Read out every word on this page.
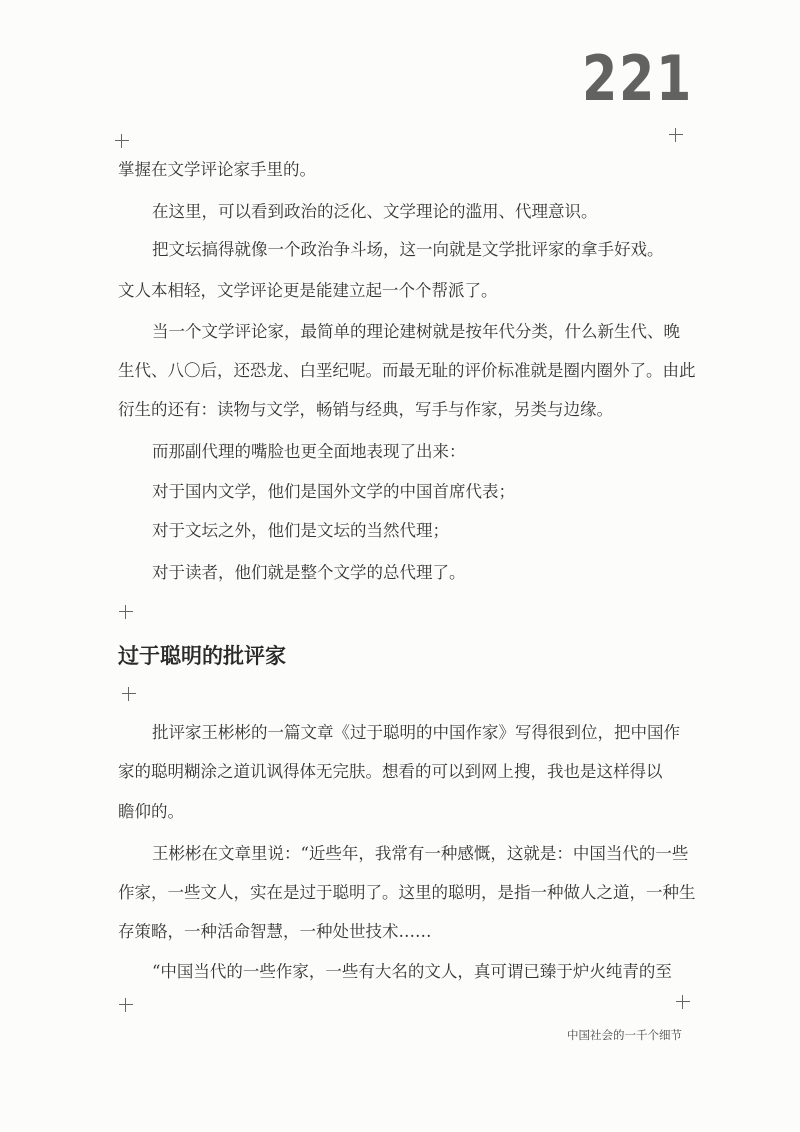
221
掌握在文学评论家手里的。
在这里，可以看到政治的泛化、文学理论的滥用、代理意识。
把文坛搞得就像一个政治争斗场，这一向就是文学批评家的拿手好戏。
文人本相轻，文学评论更是能建立起一个个帮派了。
当一个文学评论家，最简单的理论建树就是按年代分类，什么新生代、晚
生代、八〇后，还恐龙、白垩纪呢。而最无耻的评价标准就是圈内圈外了。由此
衍生的还有：读物与文学，畅销与经典，写手与作家，另类与边缘。
而那副代理的嘴脸也更全面地表现了出来：
对于国内文学，他们是国外文学的中国首席代表；
对于文坛之外，他们是文坛的当然代理；
对于读者，他们就是整个文学的总代理了。
过于聪明的批评家
批评家王彬彬的一篇文章《过于聪明的中国作家》写得很到位，把中国作
家的聪明糊涂之道讥讽得体无完肤。想看的可以到网上搜，我也是这样得以
瞻仰的。
王彬彬在文章里说：“近些年，我常有一种感慨，这就是：中国当代的一些
作家，一些文人，实在是过于聪明了。这里的聪明，是指一种做人之道，一种生
存策略，一种活命智慧，一种处世技术……
“中国当代的一些作家，一些有大名的文人，真可谓已臻于炉火纯青的至
中国社会的一千个细节
